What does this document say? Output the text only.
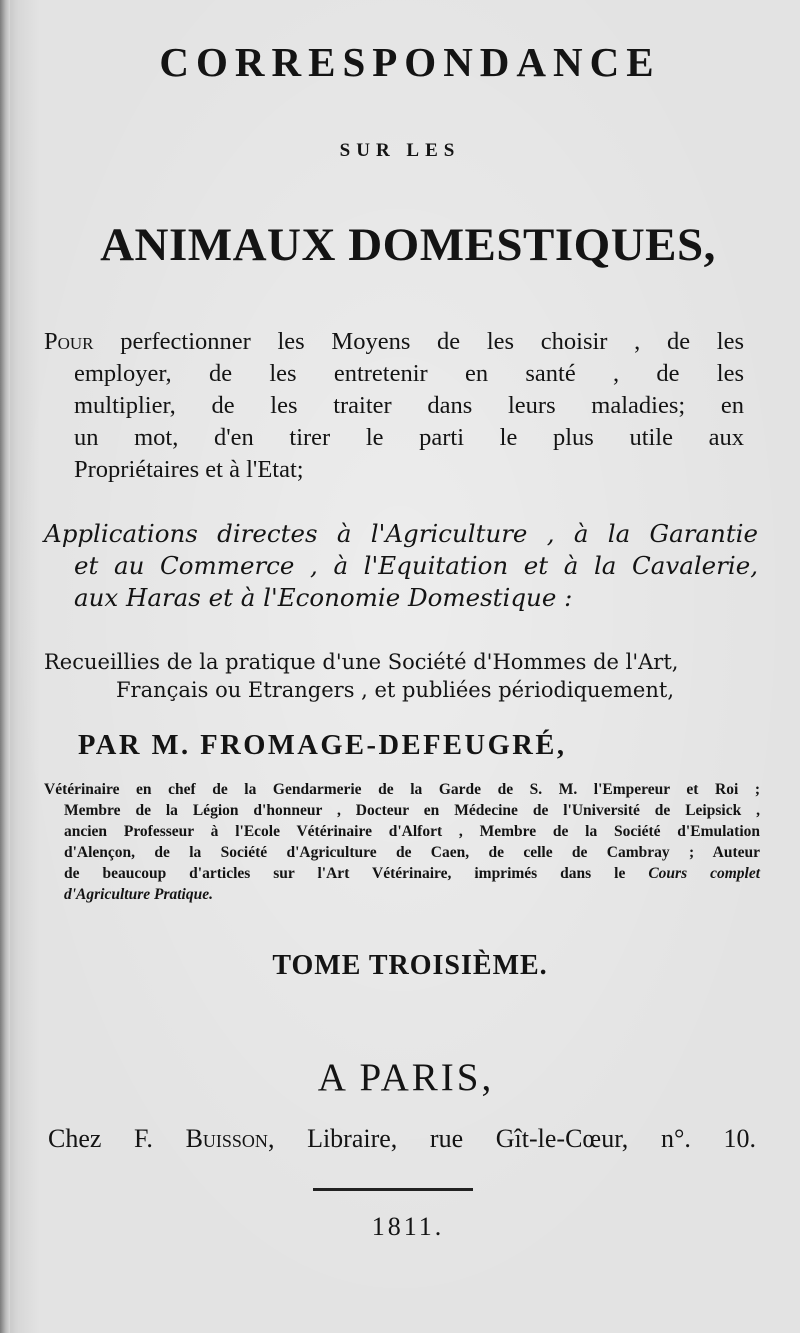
CORRESPONDANCE
SUR LES
ANIMAUX DOMESTIQUES,
Pour perfectionner les Moyens de les choisir , de les
employer, de les entretenir en santé , de les
multiplier, de les traiter dans leurs maladies; en
un mot, d'en tirer le parti le plus utile aux
Propriétaires et à l'Etat;
Applications directes à l'Agriculture , à la Garantie
et au Commerce , à l'Equitation et à la Cavalerie,
aux Haras et à l'Economie Domestique :
Recueillies de la pratique d'une Société d'Hommes de l'Art,
Français ou Etrangers , et publiées périodiquement,
PAR M. FROMAGE-DEFEUGRÉ,
Vétérinaire en chef de la Gendarmerie de la Garde de S. M. l'Empereur et Roi ;
Membre de la Légion d'honneur , Docteur en Médecine de l'Université de Leipsick ,
ancien Professeur à l'Ecole Vétérinaire d'Alfort , Membre de la Société d'Emulation
d'Alençon, de la Société d'Agriculture de Caen, de celle de Cambray ; Auteur
de beaucoup d'articles sur l'Art Vétérinaire, imprimés dans le Cours complet
d'Agriculture Pratique.
TOME TROISIÈME.
A PARIS,
Chez F. Buisson, Libraire, rue Gît-le-Cœur, n°. 10.
1811.
